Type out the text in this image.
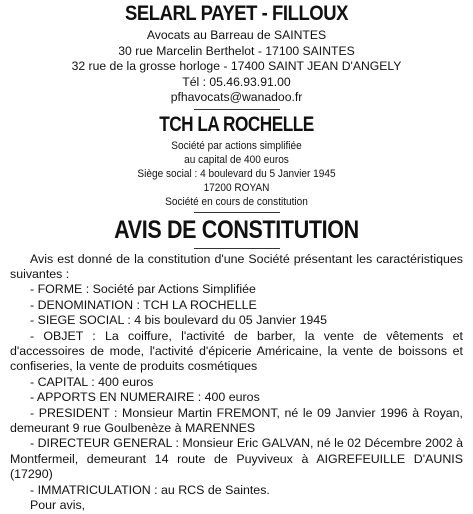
SELARL PAYET - FILLOUX
Avocats au Barreau de SAINTES
30 rue Marcelin Berthelot - 17100 SAINTES
32 rue de la grosse horloge - 17400 SAINT JEAN D'ANGELY
Tél : 05.46.93.91.00
pfhavocats@wanadoo.fr
TCH LA ROCHELLE
Société par actions simplifiée
au capital de 400 euros
Siège social : 4 boulevard du 5 Janvier 1945
17200 ROYAN
Société en cours de constitution
AVIS DE CONSTITUTION

Avis est donné de la constitution d'une Société présentant les caractéristiques suivantes :

- FORME : Société par Actions Simplifiée

- DENOMINATION : TCH LA ROCHELLE

- SIEGE SOCIAL : 4 bis boulevard du 05 Janvier 1945

- OBJET : La coiffure, l'activité de barber, la vente de vêtements et d'accessoires de mode, l'activité d'épicerie Américaine, la vente de boissons et confiseries, la vente de produits cosmétiques

- CAPITAL : 400 euros

- APPORTS EN NUMERAIRE : 400 euros

- PRESIDENT : Monsieur Martin FREMONT, né le 09 Janvier 1996 à Royan, demeurant 9 rue Goulbenèze à MARENNES

- DIRECTEUR GENERAL : Monsieur Eric GALVAN, né le 02 Décembre 2002 à Montfermeil, demeurant 14 route de Puyviveux à AIGREFEUILLE D'AUNIS (17290)

- IMMATRICULATION : au RCS de Saintes.

Pour avis,
